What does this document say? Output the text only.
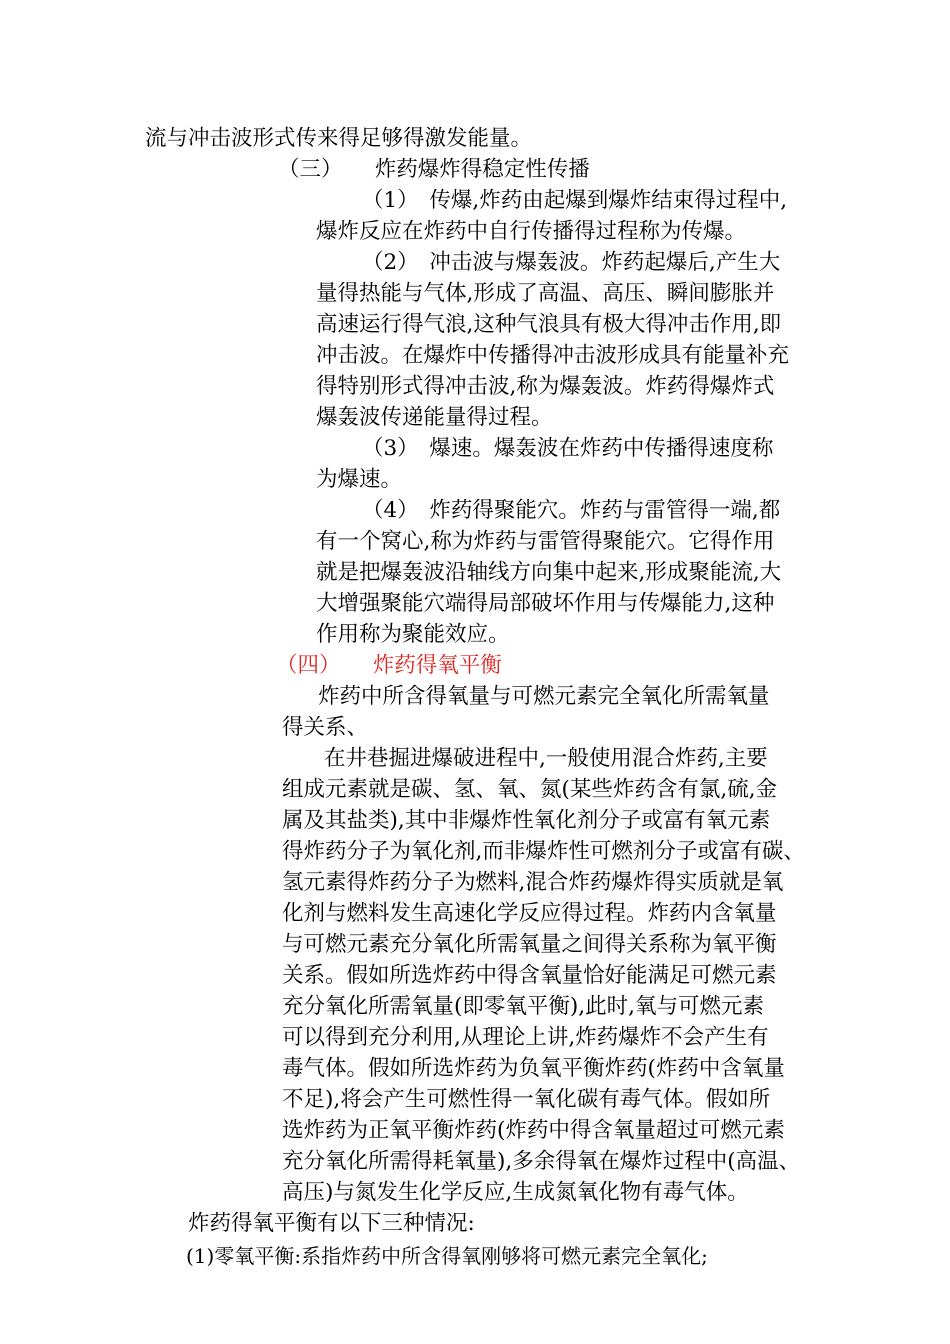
流与冲击波形式传来得足够得激发能量。

（三）　　炸药爆炸得稳定性传播

（1）　传爆,炸药由起爆到爆炸结束得过程中,

爆炸反应在炸药中自行传播得过程称为传爆。

（2）　冲击波与爆轰波。炸药起爆后,产生大

量得热能与气体,形成了高温、高压、瞬间膨胀并

高速运行得气浪,这种气浪具有极大得冲击作用,即

冲击波。在爆炸中传播得冲击波形成具有能量补充

得特别形式得冲击波,称为爆轰波。炸药得爆炸式

爆轰波传递能量得过程。

（3）　爆速。爆轰波在炸药中传播得速度称

为爆速。

（4）　炸药得聚能穴。炸药与雷管得一端,都

有一个窝心,称为炸药与雷管得聚能穴。它得作用

就是把爆轰波沿轴线方向集中起来,形成聚能流,大

大增强聚能穴端得局部破坏作用与传爆能力,这种

作用称为聚能效应。

（四）　　炸药得氧平衡

炸药中所含得氧量与可燃元素完全氧化所需氧量

得关系、

在井巷掘进爆破进程中,一般使用混合炸药,主要

组成元素就是碳、氢、氧、氮(某些炸药含有氯,硫,金

属及其盐类),其中非爆炸性氧化剂分子或富有氧元素

得炸药分子为氧化剂,而非爆炸性可燃剂分子或富有碳、

氢元素得炸药分子为燃料,混合炸药爆炸得实质就是氧

化剂与燃料发生高速化学反应得过程。炸药内含氧量

与可燃元素充分氧化所需氧量之间得关系称为氧平衡

关系。假如所选炸药中得含氧量恰好能满足可燃元素

充分氧化所需氧量(即零氧平衡),此时,氧与可燃元素

可以得到充分利用,从理论上讲,炸药爆炸不会产生有

毒气体。假如所选炸药为负氧平衡炸药(炸药中含氧量

不足),将会产生可燃性得一氧化碳有毒气体。假如所

选炸药为正氧平衡炸药(炸药中得含氧量超过可燃元素

充分氧化所需得耗氧量),多余得氧在爆炸过程中(高温、

高压)与氮发生化学反应,生成氮氧化物有毒气体。

炸药得氧平衡有以下三种情况:

(1)零氧平衡:系指炸药中所含得氧刚够将可燃元素完全氧化;
